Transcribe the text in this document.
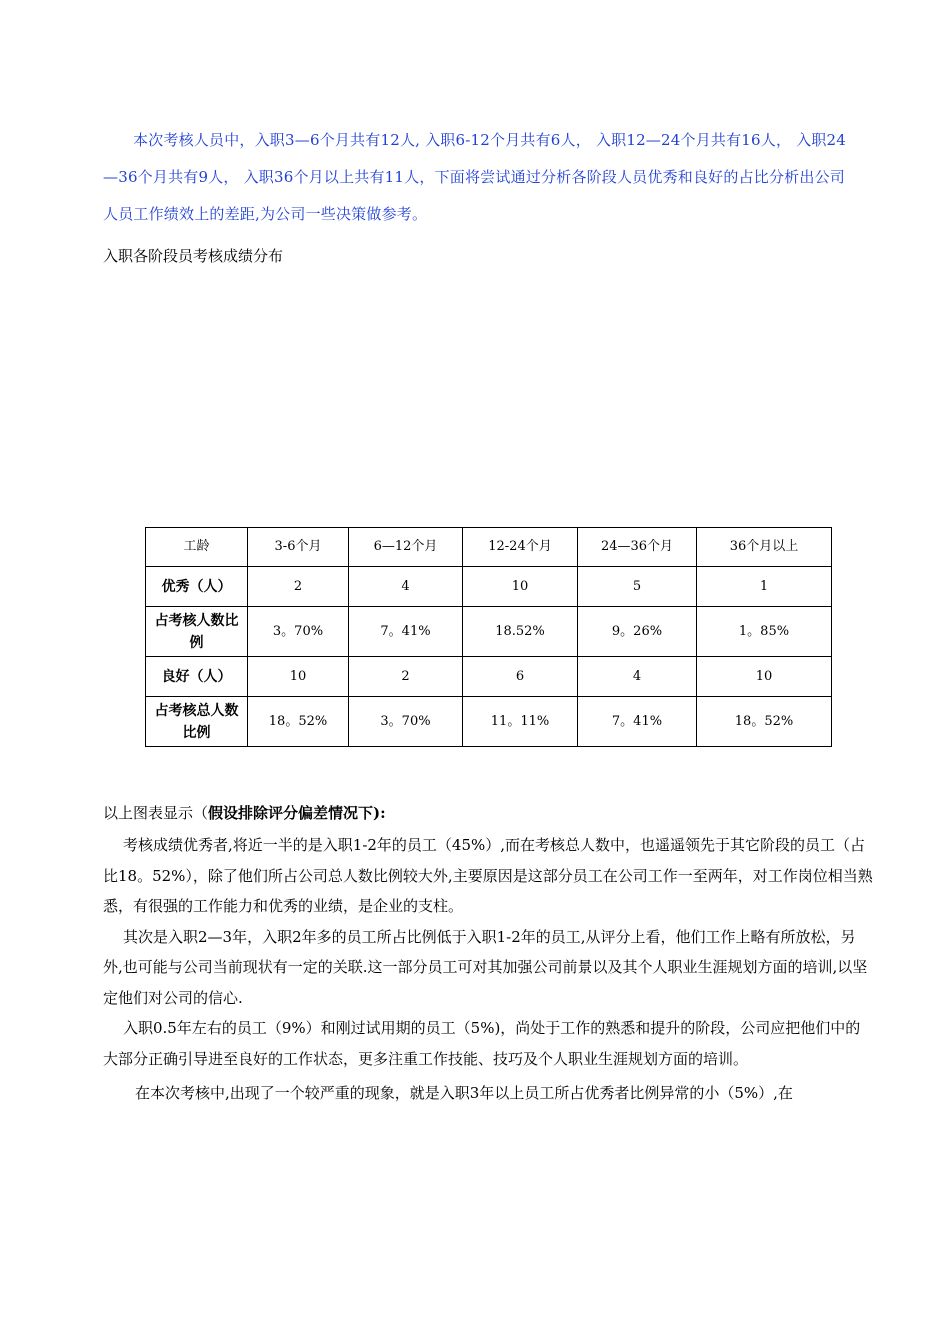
本次考核人员中，入职3—6个月共有12人, 入职6-12个月共有6人， 入职12—24个月共有16人， 入职24—36个月共有9人， 入职36个月以上共有11人，下面将尝试通过分析各阶段人员优秀和良好的占比分析出公司人员工作绩效上的差距,为公司一些决策做参考。

入职各阶段员考核成绩分布
工龄	3-6个月	6—12个月	12-24个月	24—36个月	36个月以上
优秀（人）	2	4	10	5	1
占考核人数比例	3。70%	7。41%	18.52%	9。26%	1。85%
良好（人）	10	2	6	4	10
占考核总人数比例	18。52%	3。70%	11。11%	7。41%	18。52%

以上图表显示（假设排除评分偏差情况下):

考核成绩优秀者,将近一半的是入职1-2年的员工（45%）,而在考核总人数中，也遥遥领先于其它阶段的员工（占比18。52%），除了他们所占公司总人数比例较大外,主要原因是这部分员工在公司工作一至两年，对工作岗位相当熟悉，有很强的工作能力和优秀的业绩，是企业的支柱。

其次是入职2—3年，入职2年多的员工所占比例低于入职1-2年的员工,从评分上看，他们工作上略有所放松，另外,也可能与公司当前现状有一定的关联.这一部分员工可对其加强公司前景以及其个人职业生涯规划方面的培训,以坚定他们对公司的信心.

入职0.5年左右的员工（9%）和刚过试用期的员工（5%)，尚处于工作的熟悉和提升的阶段，公司应把他们中的大部分正确引导进至良好的工作状态，更多注重工作技能、技巧及个人职业生涯规划方面的培训。

在本次考核中,出现了一个较严重的现象，就是入职3年以上员工所占优秀者比例异常的小（5%）,在
